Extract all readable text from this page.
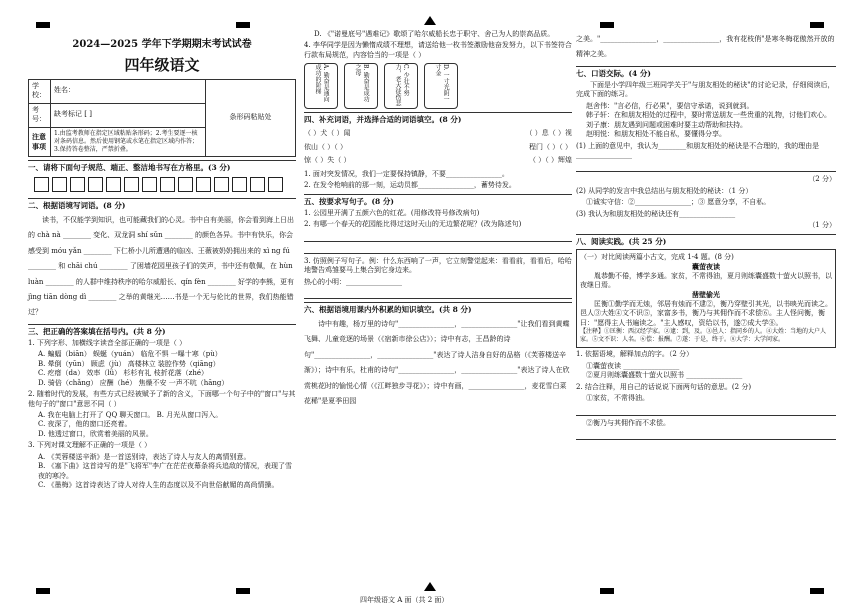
2024—2025 学年下学期期末考试试卷
四年级语文
学校：	姓名：	条形码粘贴处
考号：	缺考标记 [ ]	
注意事项	1.由监考教师在指定区域粘贴条形码；2.考生要逐一核对条码信息。然后使用钢笔或水笔在指定区域内作答；3.保持答卷整洁，严禁折叠。	
一、请将下面句子规范、端正、整洁地书写在方格里。(3 分)
二、根据语境写词语。(8 分)
读书，不仅能学到知识，也可能藏我们的心灵。书中自有美丽，你会看到海上日出的 chà nà ________ 变化、双龙洞 shí sǔn ________ 的颜色各异。书中有快乐，你会感受到 móu yǎn ________ 下仁桥小儿所遭遇的临凶、王薇被奶奶拥出来的 xì ng fú ________ 和 chāi chú ________ 了困墙花园里孩子们的笑声，书中还有敬佩，在 hùn luàn ________ 的人群中维持秩序的哈尔威船长、qín fèn ________ 好学的李熊，更有 jìng tiān dòng dì ________ 之举的黄继光……书是一个无与伦比的世界，我们热能错过？
三、把正确的答案填在括号内。(共 8 分)
1. 下列字形、加横线字读音全部正确的一项是（ ）
A. 蝙蝠（biān） 蜈蜒（yuán） 临危不惧 一曝十寒（pù）
B. 晕倒（yūn） 顾虑（jù） 高楼林立 装腔作势（qiāng）
C. 疙瘩（da） 效率（lǜ） 杉杉有礼 枝折花落（zhé）
D. 骑倍（chǎng） 应酬（hé） 焦燥不安 一声不吭（hāng）
2. 随着时代的发展，有些方式已经被赋予了新的含义，下面哪一个句子中的"窗口"与其他句子的"窗口"意思不同（ ）
A. 我在电脑上打开了 QQ 聊天窗口。 B. 月光从窗口泻入。
C. 夜深了，他的窗口还亮着。
D. 他透过窗口，欣赏着美丽的风景。
3. 下列对课文理解不正确的一项是（ ）
A. 《芙蓉楼送辛渐》是一首送别诗，表达了诗人与友人的离情别意。
B. 《塞下曲》这首诗写的是"飞将军"李广在茫茫夜幕条将兵追敌的情况，表现了雪夜的寒冷。
C. 《墨梅》这首诗表达了诗人对待人生的态度以及不向世俗献媚的高尚情操。
D. 《"诺曼底号"遇难记》歌颂了哈尔威船长忠于职守、舍己为人的崇高品质。
4. 李华同学是因为懒惰成绩不理想，请送给他一枚书签激励他奋发努力，以下书签符合行款布局规范，内容恰当的一项是（ ）
A. 勤奋是通向成功的阶梯	B. 勤奋是成功之母	C. 少壮不努力，老大徒伤悲	D. 一寸光阴一寸金
四、补充词语，并选择合适的词语填空。(8 分)
（ ）犬（ ）闻	（ ）息（ ）视
依山（ ）（ ）	程门（ ）（ ）
惊（ ）失（ ）	（ ）（ ）辉煌
1. 面对突发情况，我们一定要保持镇静，不要________________。
2. 在发令枪响前的那一刻，运动员都________________，蓄势待发。
五、按要求写句子。(8 分)
1. 公园里开满了五颜六色的红花。(用修改符号修改病句)
2. 有哪一个春天的花园能比得过这时天山的无边繁花呢？(改为陈述句)
3. 仿照例子写句子。例：什么东西响了一声，它立刻警觉起来：看看前，看看后，哈哈地警告鸡雏要马上集合到它身边来。
热心的小明：________________
六、根据语境用课内外积累的知识填空。(共 8 分)
诗中有趣，杨万里的诗句"________________，________________"让我们看到黄蝶飞舞、儿童竞逐的场景（《宿新市徐公店》）；诗中有志，王昌龄的诗句"________________，________________"表达了诗人洁身自好的品格（《芙蓉楼送辛渐》）；诗中有乐，杜甫的诗句"________________，________________"表达了诗人在欣赏桃花时的愉悦心情（《江畔独步寻花》）；诗中有画，________________，麦花雪白菜花稀"是夏季田园
之美。"________________，________________，我有花枝俏"是寒冬梅花傲然开放的精神之美。
七、口语交际。(4 分)
下面是小学四年级三班同学关于"与朋友相处的秘诀"的讨论记录，仔细阅读后，完成下面的练习。
赵舍伟："言必信，行必果"，要信守承诺，说到就到。
韩子轩：在和朋友相处的过程中，要时常送朋友一些贵重的礼物，讨他们欢心。
刘子康：朋友遇到问题或困难时要主动帮助和扶持。
赵明悦：和朋友相处不能自私，要懂得分享。
(1) 上面的意见中，我认为________和朋友相处的秘诀是不合理的，我的理由是________________
（2 分）
(2) 从同学的发言中我总结出与朋友相处的秘诀：（1 分）
①诚实守信：②________________；③ 愿意分享，不自私。
(3) 我认为和朋友相处的秘诀还有________________
（1 分）
八、阅读实践。(共 25 分)
（一）对比阅读两篇小古文，完成 1-4 题。(8 分)
囊萤夜读
胤恭勤不倦，博学多通。家贫，不常得油，夏月则练囊盛数十萤火以照书，以夜继日焉。
凿壁偷光
匡衡①勤学而无烛，邻居有烛而不逮②，衡乃穿壁引其光，以书映光而读之。邑人③大姓④文不识⑤，家富多书，衡乃与其佣作而不求偿⑥。主人怪问衡，衡曰："愿得主人书遍读之。"主人感叹，资给以书，遂⑦成大学⑧。
【注释】①匡衡：西汉经学家。②逮：到，及。③邑人：指同乡的人。④大姓：当地的大户人家。⑤文不识：人名。⑥偿：报酬。⑦遂：于是，终于。⑧大学：大学问家。
1. 依据语境，解释加点的字。（2 分）
①囊萤夜读 ________________
②夏月则练囊盛数十萤火以照书 ________________
2. 结合注释，用自己的话说说下面两句话的意思。(2 分)
①家贫，不常得油。
②衡乃与其佣作而不求偿。
四年级语文 A 面（共 2 面）
